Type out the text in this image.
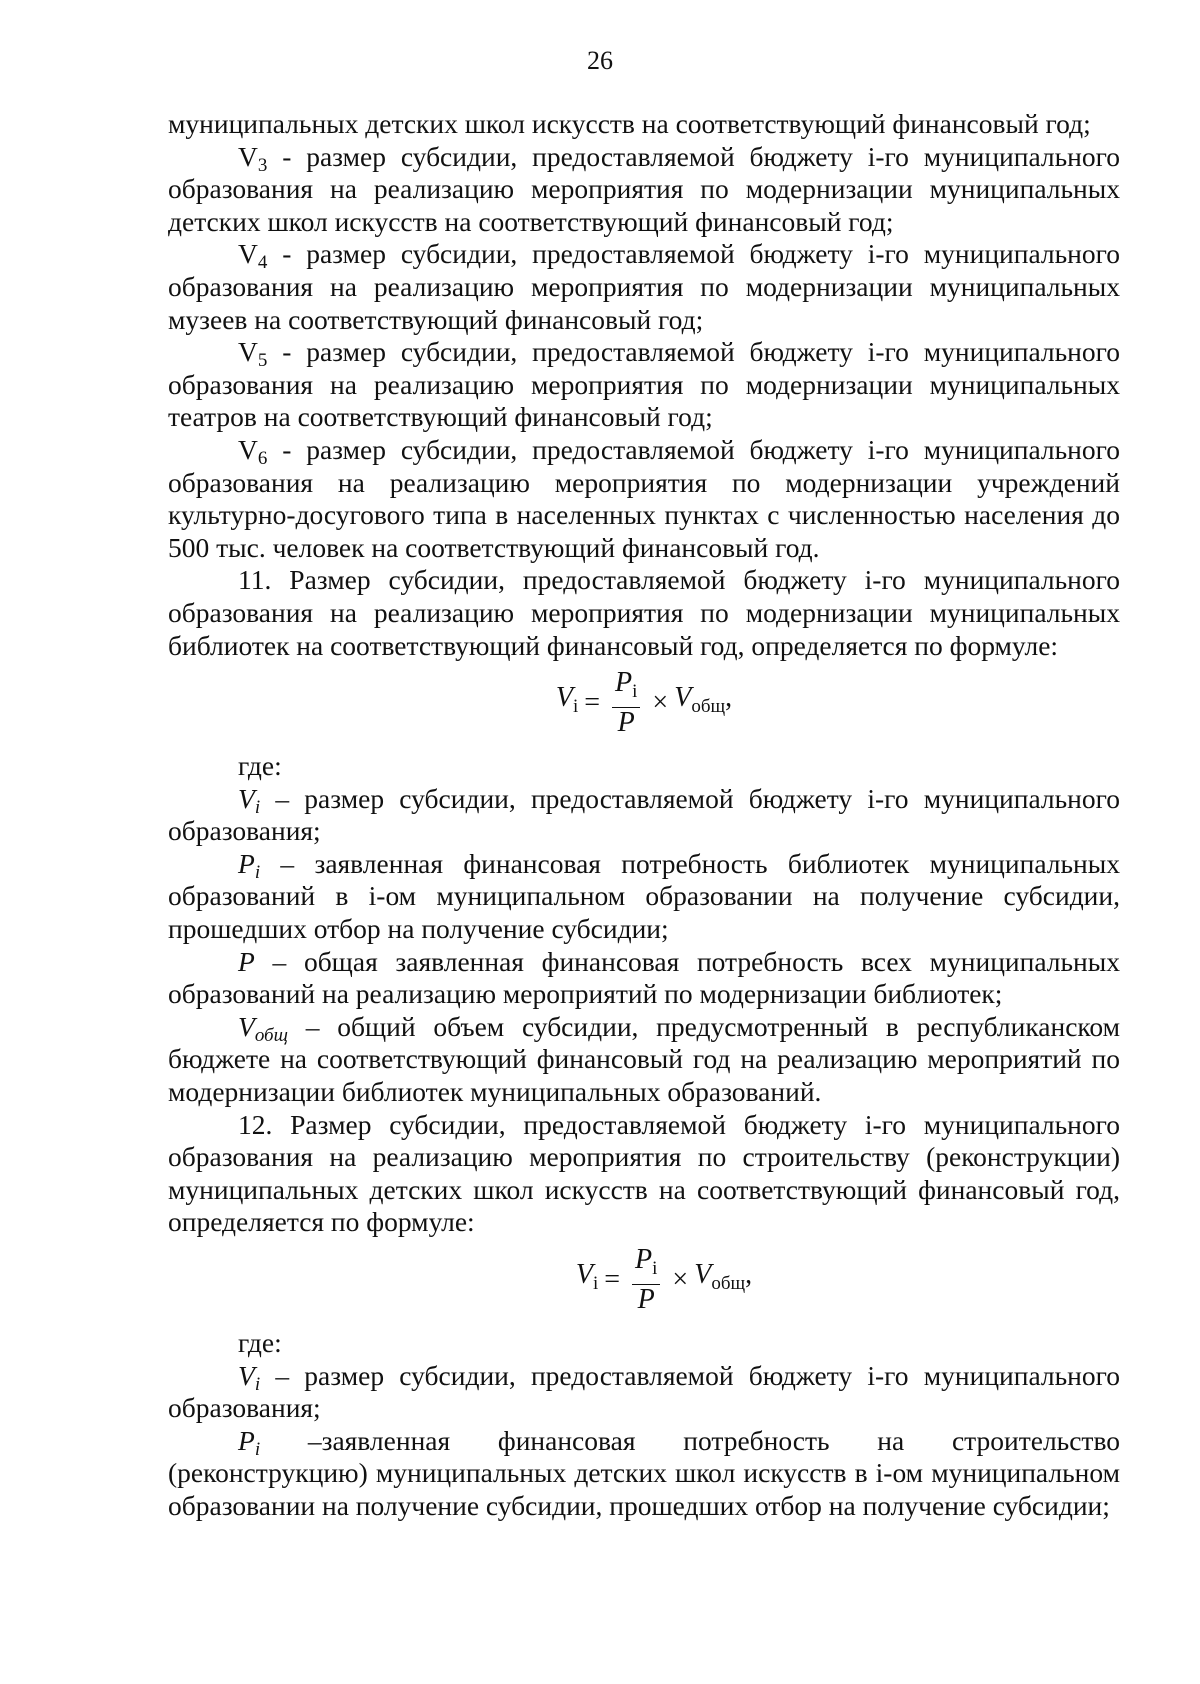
26

муниципальных детских школ искусств на соответствующий финансовый год;

$V_3$ - размер субсидии, предоставляемой бюджету i-го муниципального образования на реализацию мероприятия по модернизации муниципальных детских школ искусств на соответствующий финансовый год;

$V_4$ - размер субсидии, предоставляемой бюджету i-го муниципального образования на реализацию мероприятия по модернизации муниципальных музеев на соответствующий финансовый год;

$V_5$ - размер субсидии, предоставляемой бюджету i-го муниципального образования на реализацию мероприятия по модернизации муниципальных театров на соответствующий финансовый год;

$V_6$ - размер субсидии, предоставляемой бюджету i-го муниципального образования на реализацию мероприятия по модернизации учреждений культурно-досугового типа в населенных пунктах с численностью населения до 500 тыс. человек на соответствующий финансовый год.

11. Размер субсидии, предоставляемой бюджету i-го муниципального образования на реализацию мероприятия по модернизации муниципальных библиотек на соответствующий финансовый год, определяется по формуле:

$V_i = \frac{P_i}{P} \times V_{общ}$,

где:

$V_i$ – размер субсидии, предоставляемой бюджету i-го муниципального образования;

$P_i$ – заявленная финансовая потребность библиотек муниципальных образований в i-ом муниципальном образовании на получение субсидии, прошедших отбор на получение субсидии;

P – общая заявленная финансовая потребность всех муниципальных образований на реализацию мероприятий по модернизации библиотек;

$V_{общ}$ – общий объем субсидии, предусмотренный в республиканском бюджете на соответствующий финансовый год на реализацию мероприятий по модернизации библиотек муниципальных образований.

12. Размер субсидии, предоставляемой бюджету i-го муниципального образования на реализацию мероприятия по строительству (реконструкции) муниципальных детских школ искусств на соответствующий финансовый год, определяется по формуле:

$V_i = \frac{P_i}{P} \times V_{общ}$,

где:

$V_i$ – размер субсидии, предоставляемой бюджету i-го муниципального образования;

$P_i$ –заявленная финансовая потребность на строительство (реконструкцию) муниципальных детских школ искусств в i-ом муниципальном образовании на получение субсидии, прошедших отбор на получение субсидии;
